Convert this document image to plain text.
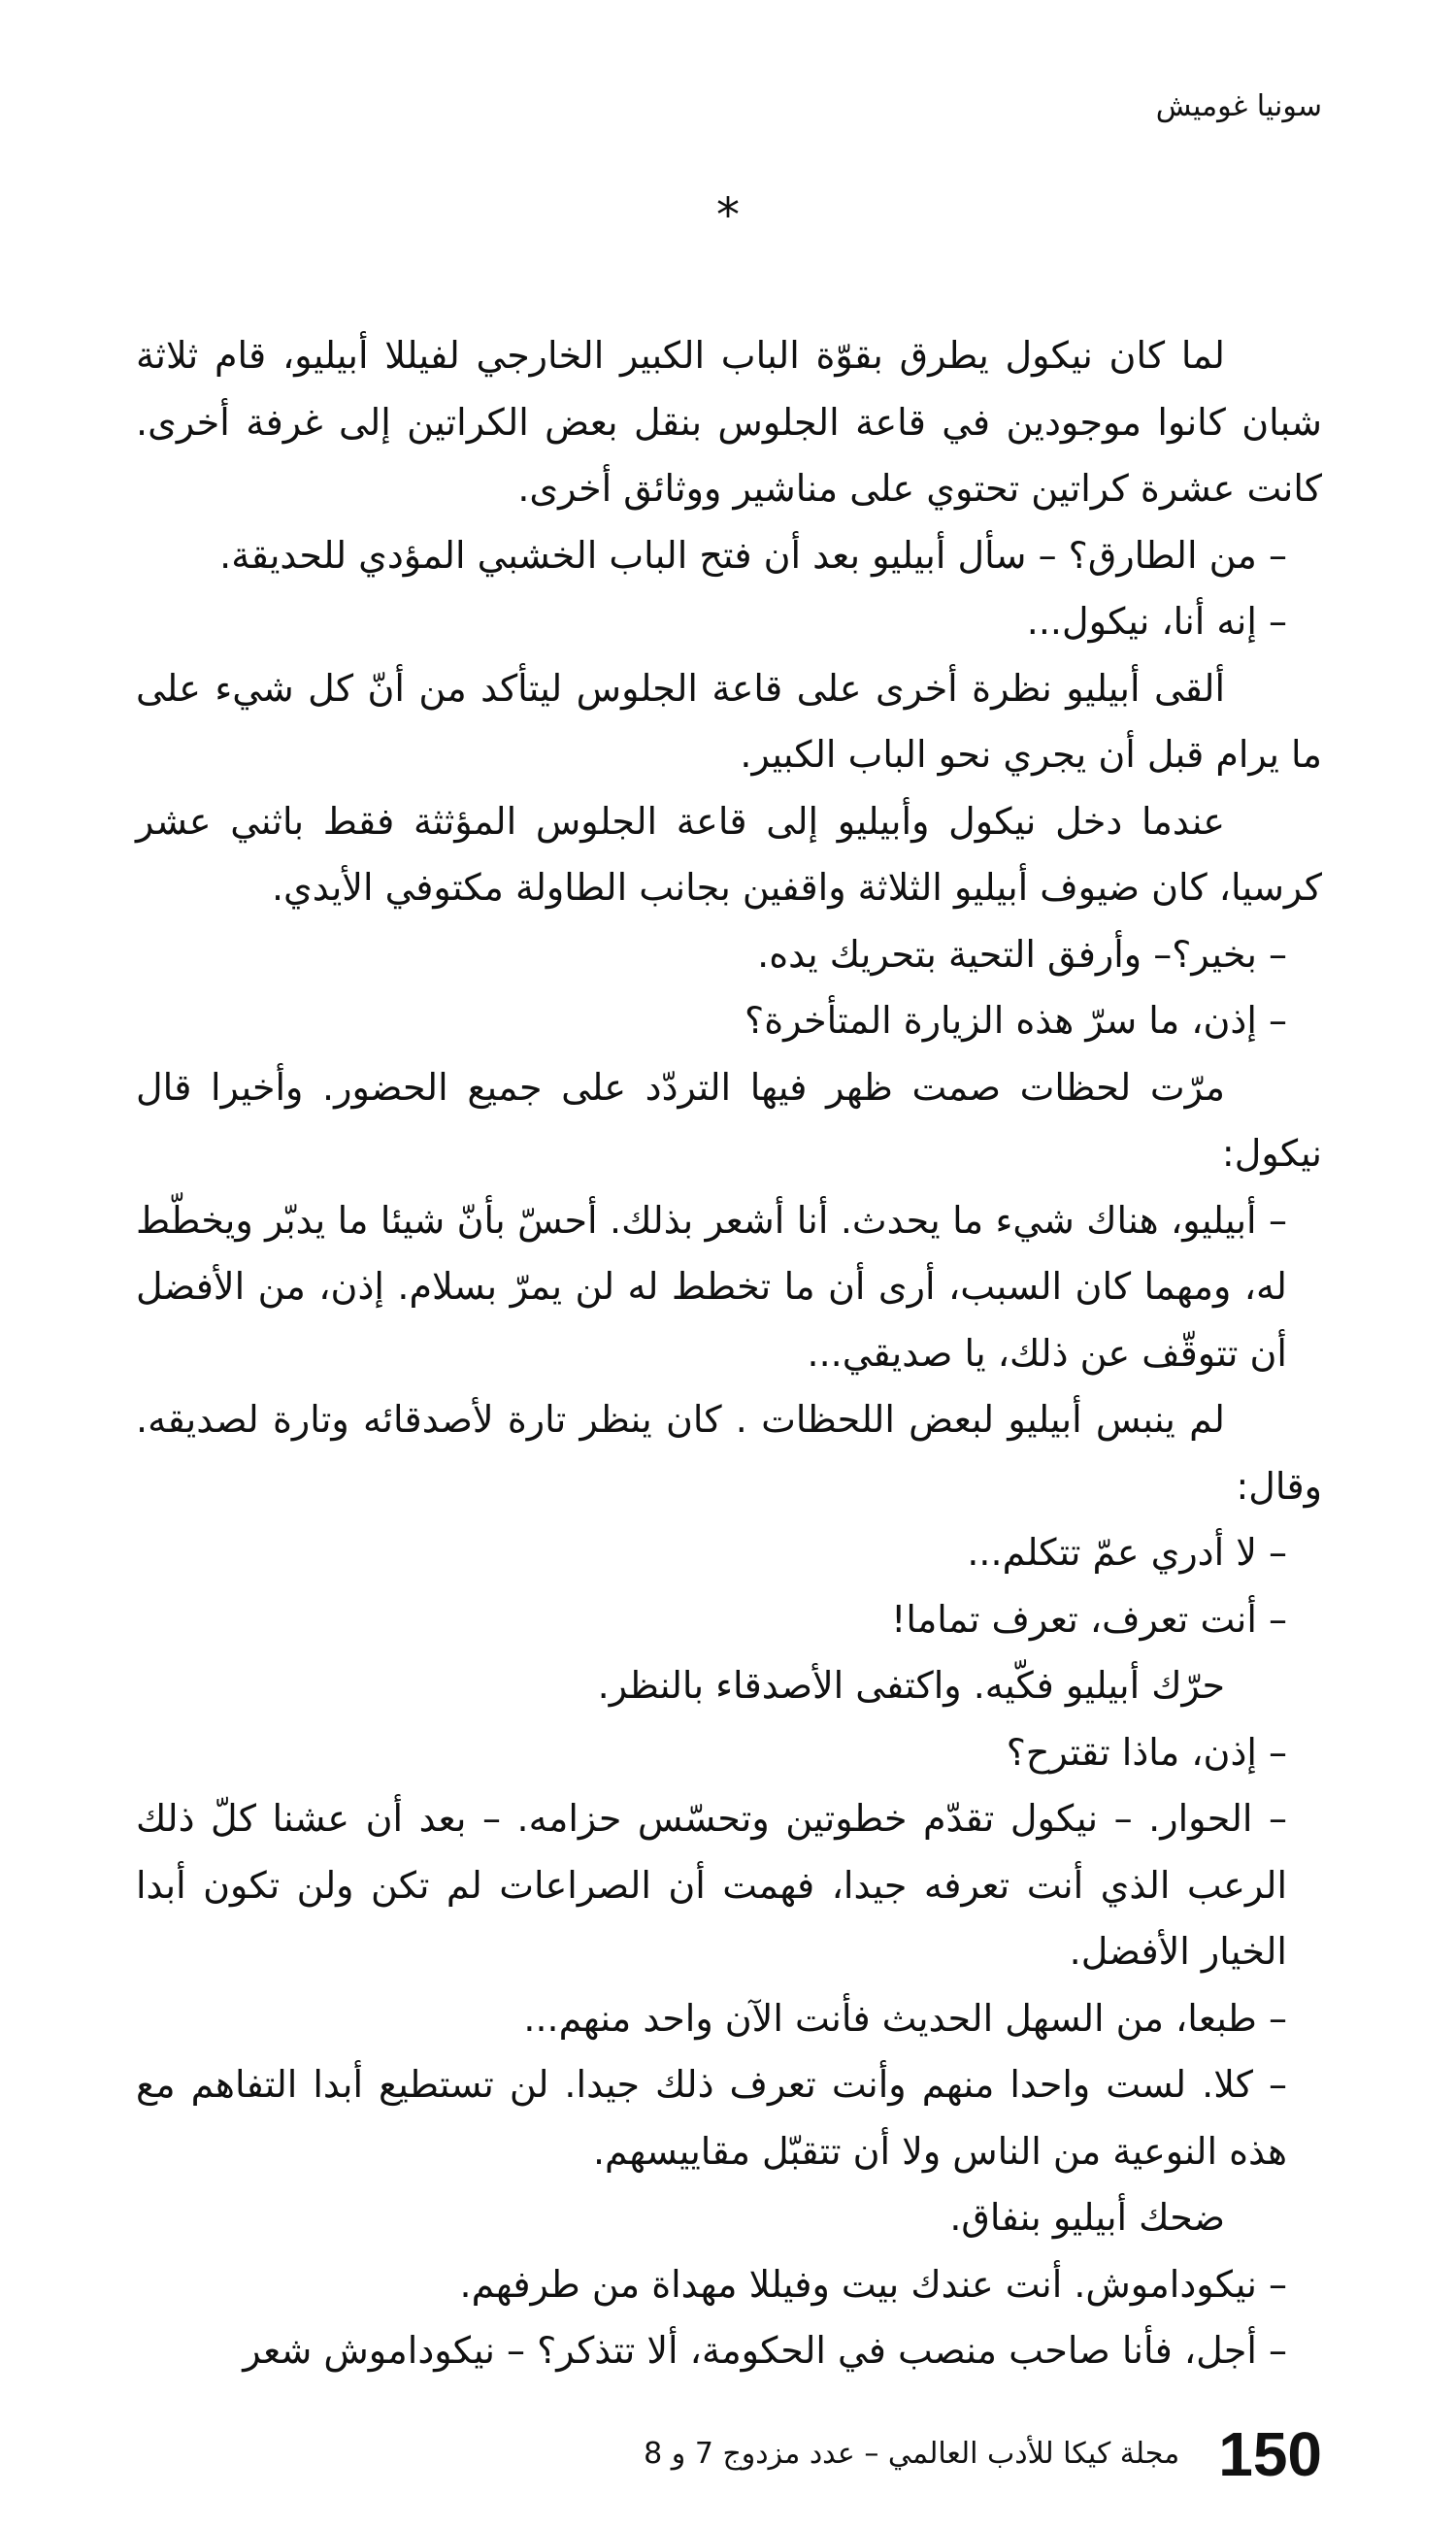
سونيا غوميش
*

لما كان نيكول يطرق بقوّة الباب الكبير الخارجي لفيللا أبيليو، قام ثلاثة شبان كانوا موجودين في قاعة الجلوس بنقل بعض الكراتين إلى غرفة أخرى. كانت عشرة كراتين تحتوي على مناشير ووثائق أخرى.

– من الطارق؟ – سأل أبيليو بعد أن فتح الباب الخشبي المؤدي للحديقة.

– إنه أنا، نيكول...

ألقى أبيليو نظرة أخرى على قاعة الجلوس ليتأكد من أنّ كل شيء على ما يرام قبل أن يجري نحو الباب الكبير.

عندما دخل نيكول وأبيليو إلى قاعة الجلوس المؤثثة فقط باثني عشر كرسيا، كان ضيوف أبيليو الثلاثة واقفين بجانب الطاولة مكتوفي الأيدي.

– بخير؟– وأرفق التحية بتحريك يده.

– إذن، ما سرّ هذه الزيارة المتأخرة؟

مرّت لحظات صمت ظهر فيها التردّد على جميع الحضور. وأخيرا قال نيكول:

– أبيليو، هناك شيء ما يحدث. أنا أشعر بذلك. أحسّ بأنّ شيئا ما يدبّر ويخطّط له، ومهما كان السبب، أرى أن ما تخطط له لن يمرّ بسلام. إذن، من الأفضل أن تتوقّف عن ذلك، يا صديقي...

لم ينبس أبيليو لبعض اللحظات . كان ينظر تارة لأصدقائه وتارة لصديقه. وقال:

– لا أدري عمّ تتكلم...

– أنت تعرف، تعرف تماما!

حرّك أبيليو فكّيه. واكتفى الأصدقاء بالنظر.

– إذن، ماذا تقترح؟

– الحوار. – نيكول تقدّم خطوتين وتحسّس حزامه. – بعد أن عشنا كلّ ذلك الرعب الذي أنت تعرفه جيدا، فهمت أن الصراعات لم تكن ولن تكون أبدا الخيار الأفضل.

– طبعا، من السهل الحديث فأنت الآن واحد منهم...

– كلا. لست واحدا منهم وأنت تعرف ذلك جيدا. لن تستطيع أبدا التفاهم مع هذه النوعية من الناس ولا أن تتقبّل مقاييسهم.

ضحك أبيليو بنفاق.

– نيكوداموش. أنت عندك بيت وفيللا مهداة من طرفهم.

– أجل، فأنا صاحب منصب في الحكومة، ألا تتذكر؟ – نيكوداموش شعر

150
مجلة كيكا للأدب العالمي – عدد مزدوج 7 و 8
